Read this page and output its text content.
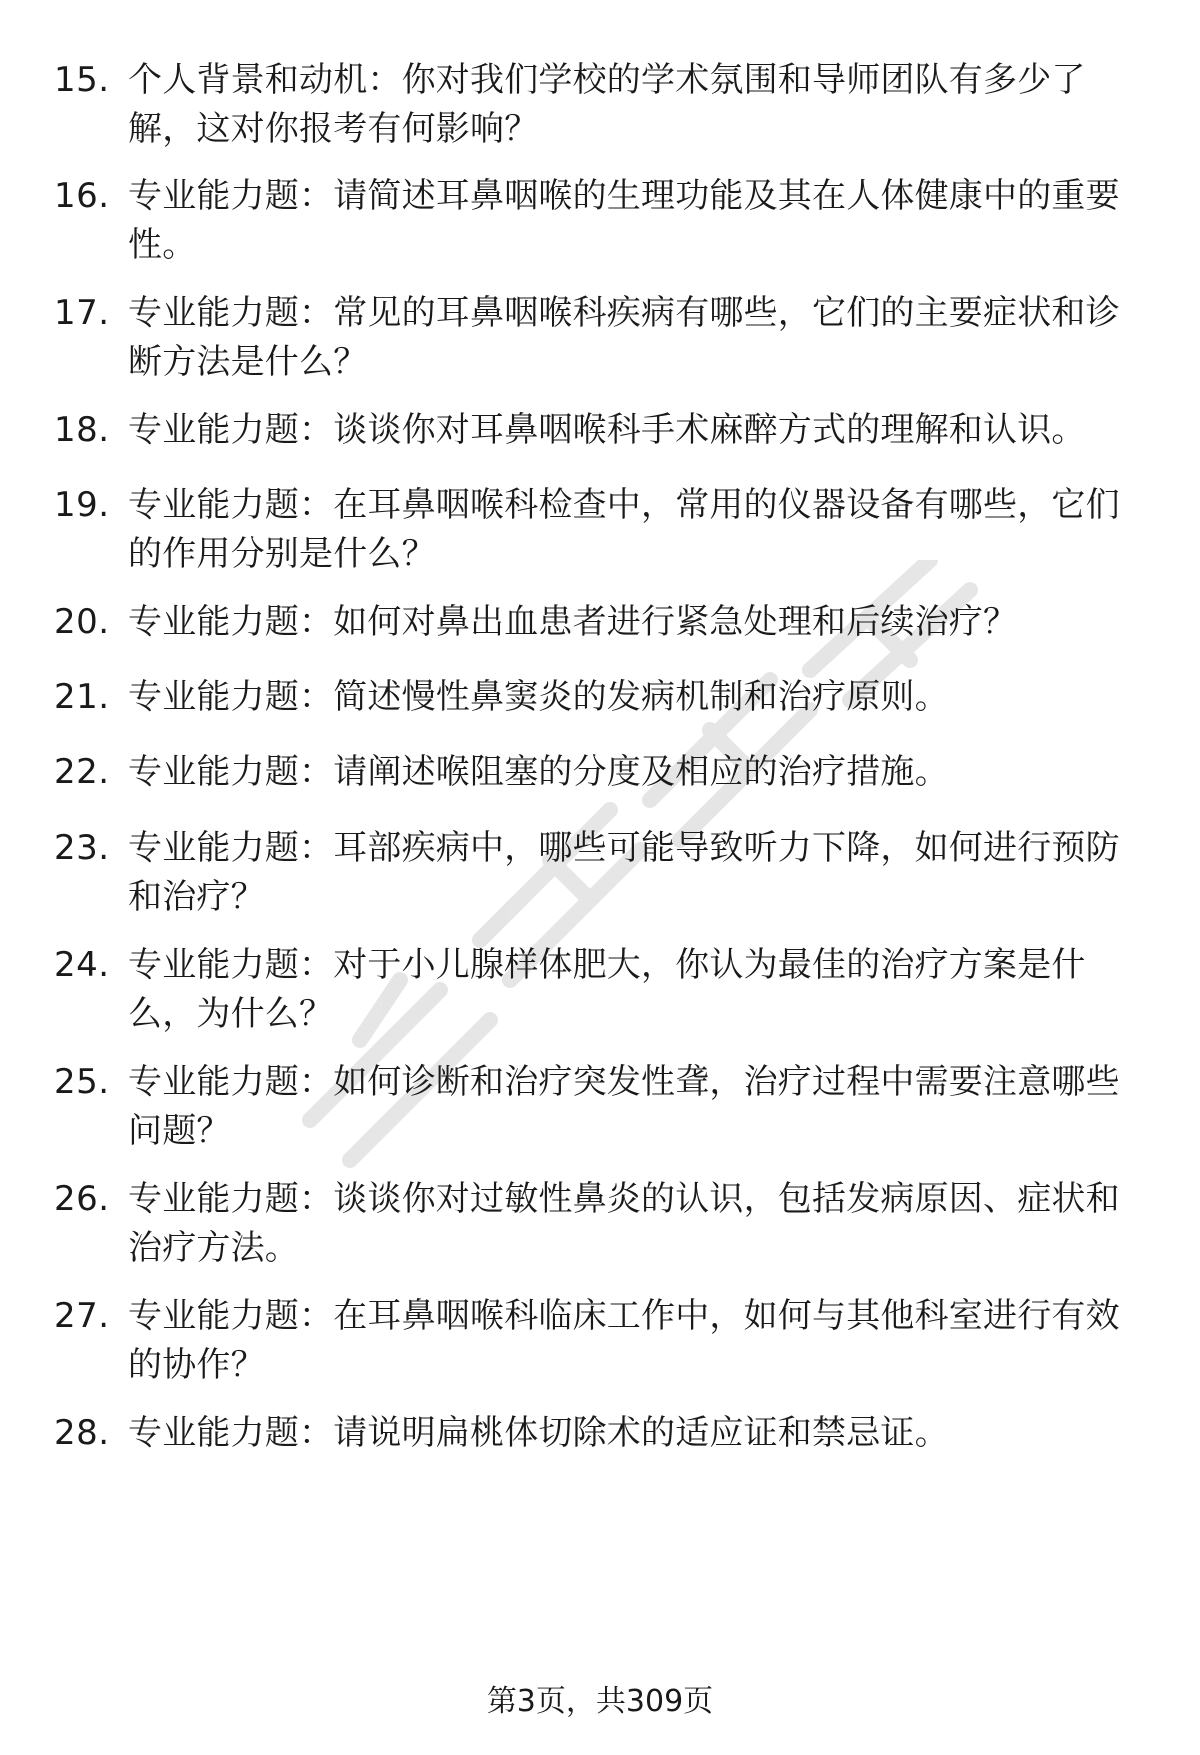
15. 个人背景和动机：你对我们学校的学术氛围和导师团队有多少了解，这对你报考有何影响？
16. 专业能力题：请简述耳鼻咽喉的生理功能及其在人体健康中的重要性。
17. 专业能力题：常见的耳鼻咽喉科疾病有哪些，它们的主要症状和诊断方法是什么？
18. 专业能力题：谈谈你对耳鼻咽喉科手术麻醉方式的理解和认识。
19. 专业能力题：在耳鼻咽喉科检查中，常用的仪器设备有哪些，它们的作用分别是什么？
20. 专业能力题：如何对鼻出血患者进行紧急处理和后续治疗？
21. 专业能力题：简述慢性鼻窦炎的发病机制和治疗原则。
22. 专业能力题：请阐述喉阻塞的分度及相应的治疗措施。
23. 专业能力题：耳部疾病中，哪些可能导致听力下降，如何进行预防和治疗？
24. 专业能力题：对于小儿腺样体肥大，你认为最佳的治疗方案是什么，为什么？
25. 专业能力题：如何诊断和治疗突发性聋，治疗过程中需要注意哪些问题？
26. 专业能力题：谈谈你对过敏性鼻炎的认识，包括发病原因、症状和治疗方法。
27. 专业能力题：在耳鼻咽喉科临床工作中，如何与其他科室进行有效的协作？
28. 专业能力题：请说明扁桃体切除术的适应证和禁忌证。
第3页，共309页
